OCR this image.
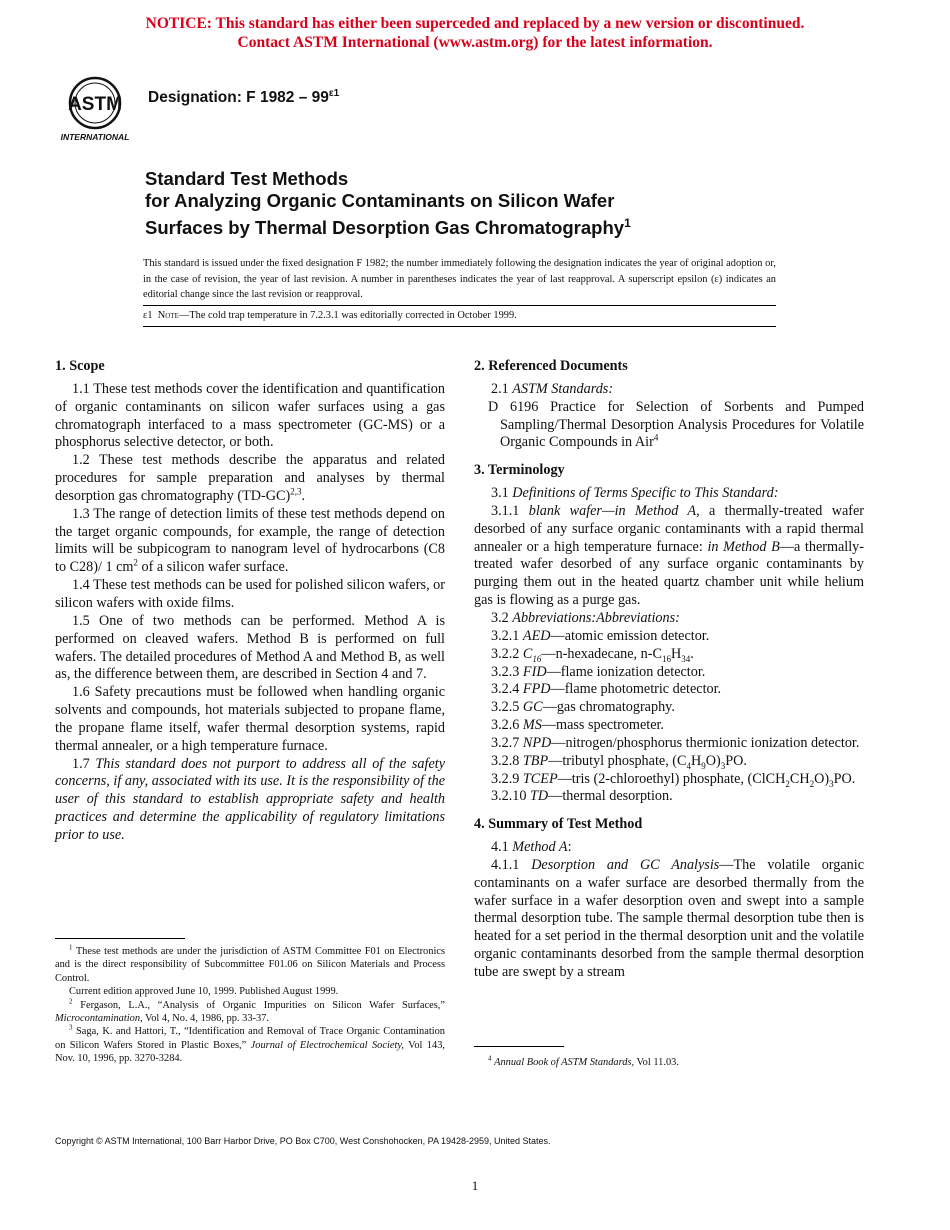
NOTICE: This standard has either been superceded and replaced by a new version or discontinued.
Contact ASTM International (www.astm.org) for the latest information.
ASTM
INTERNATIONAL
Designation: F $1982 - 99^{\varepsilon 1}$
Standard Test Methods
for Analyzing Organic Contaminants on Silicon Wafer
Surfaces by Thermal Desorption Gas Chromatography$^1$
This standard is issued under the fixed designation F 1982; the number immediately following the designation indicates the year of original adoption or, in the case of revision, the year of last revision. A number in parentheses indicates the year of last reapproval. A superscript epsilon (ε) indicates an editorial change since the last revision or reapproval.
ε1 Note—The cold trap temperature in 7.2.3.1 was editorially corrected in October 1999.
1. Scope

1.1 These test methods cover the identification and quantification of organic contaminants on silicon wafer surfaces using a gas chromatograph interfaced to a mass spectrometer (GC-MS) or a phosphorus selective detector, or both.

1.2 These test methods describe the apparatus and related procedures for sample preparation and analyses by thermal desorption gas chromatography $(TD-GC)^{2,3}$.

1.3 The range of detection limits of these test methods depend on the target organic compounds, for example, the range of detection limits will be subpicogram to nanogram level of hydrocarbons (C8 to C28)/ 1 $cm^2$ of a silicon wafer surface.

1.4 These test methods can be used for polished silicon wafers, or silicon wafers with oxide films.

1.5 One of two methods can be performed. Method A is performed on cleaved wafers. Method B is performed on full wafers. The detailed procedures of Method A and Method B, as well as, the difference between them, are described in Section 4 and 7.

1.6 Safety precautions must be followed when handling organic solvents and compounds, hot materials subjected to propane flame, the propane flame itself, wafer thermal desorption systems, rapid thermal annealer, or a high temperature furnace.

1.7 This standard does not purport to address all of the safety concerns, if any, associated with its use. It is the responsibility of the user of this standard to establish appropriate safety and health practices and determine the applicability of regulatory limitations prior to use.

$^1$ These test methods are under the jurisdiction of ASTM Committee F01 on Electronics and is the direct responsibility of Subcommittee F01.06 on Silicon Materials and Process Control.

Current edition approved June 10, 1999. Published August 1999.

$^2$ Fergason, L.A., “Analysis of Organic Impurities on Silicon Wafer Surfaces,” Microcontamination, Vol 4, No. 4, 1986, pp. 33-37.

$^3$ Saga, K. and Hattori, T., “Identification and Removal of Trace Organic Contamination on Silicon Wafers Stored in Plastic Boxes,” Journal of Electrochemical Society, Vol 143, Nov. 10, 1996, pp. 3270-3284.

2. Referenced Documents

2.1 ASTM Standards:

D 6196 Practice for Selection of Sorbents and Pumped Sampling/Thermal Desorption Analysis Procedures for Volatile Organic Compounds in Air$^4$

3. Terminology

3.1 Definitions of Terms Specific to This Standard:

3.1.1 blank wafer—in Method A, a thermally-treated wafer desorbed of any surface organic contaminants with a rapid thermal annealer or a high temperature furnace: in Method B—a thermally-treated wafer desorbed of any surface organic contaminants by purging them out in the heated quartz chamber unit while helium gas is flowing as a purge gas.

3.2 Abbreviations:Abbreviations:

3.2.1 AED—atomic emission detector.

3.2.2 $C_{16}—n$-hexadecane, $n-C_{16}H_{34}$.

3.2.3 FID—flame ionization detector.

3.2.4 FPD—flame photometric detector.

3.2.5 GC—gas chromatography.

3.2.6 MS—mass spectrometer.

3.2.7 NPD—nitrogen/phosphorus thermionic ionization detector.

3.2.8 TBP—tributyl phosphate, $(C_4H_9O)_3PO$.

3.2.9 TCEP—tris (2-chloroethyl) phosphate, $(ClCH_2CH_2O)_3PO$.

3.2.10 TD—thermal desorption.

4. Summary of Test Method

4.1 Method A:

4.1.1 Desorption and GC Analysis—The volatile organic contaminants on a wafer surface are desorbed thermally from the wafer surface in a wafer desorption oven and swept into a sample thermal desorption tube. The sample thermal desorption tube then is heated for a set period in the thermal desorption unit and the volatile organic contaminants desorbed from the sample thermal desorption tube are swept by a stream

$^4$ Annual Book of ASTM Standards, Vol 11.03.

Copyright © ASTM International, 100 Barr Harbor Drive, PO Box C700, West Conshohocken, PA 19428-2959, United States.
1
